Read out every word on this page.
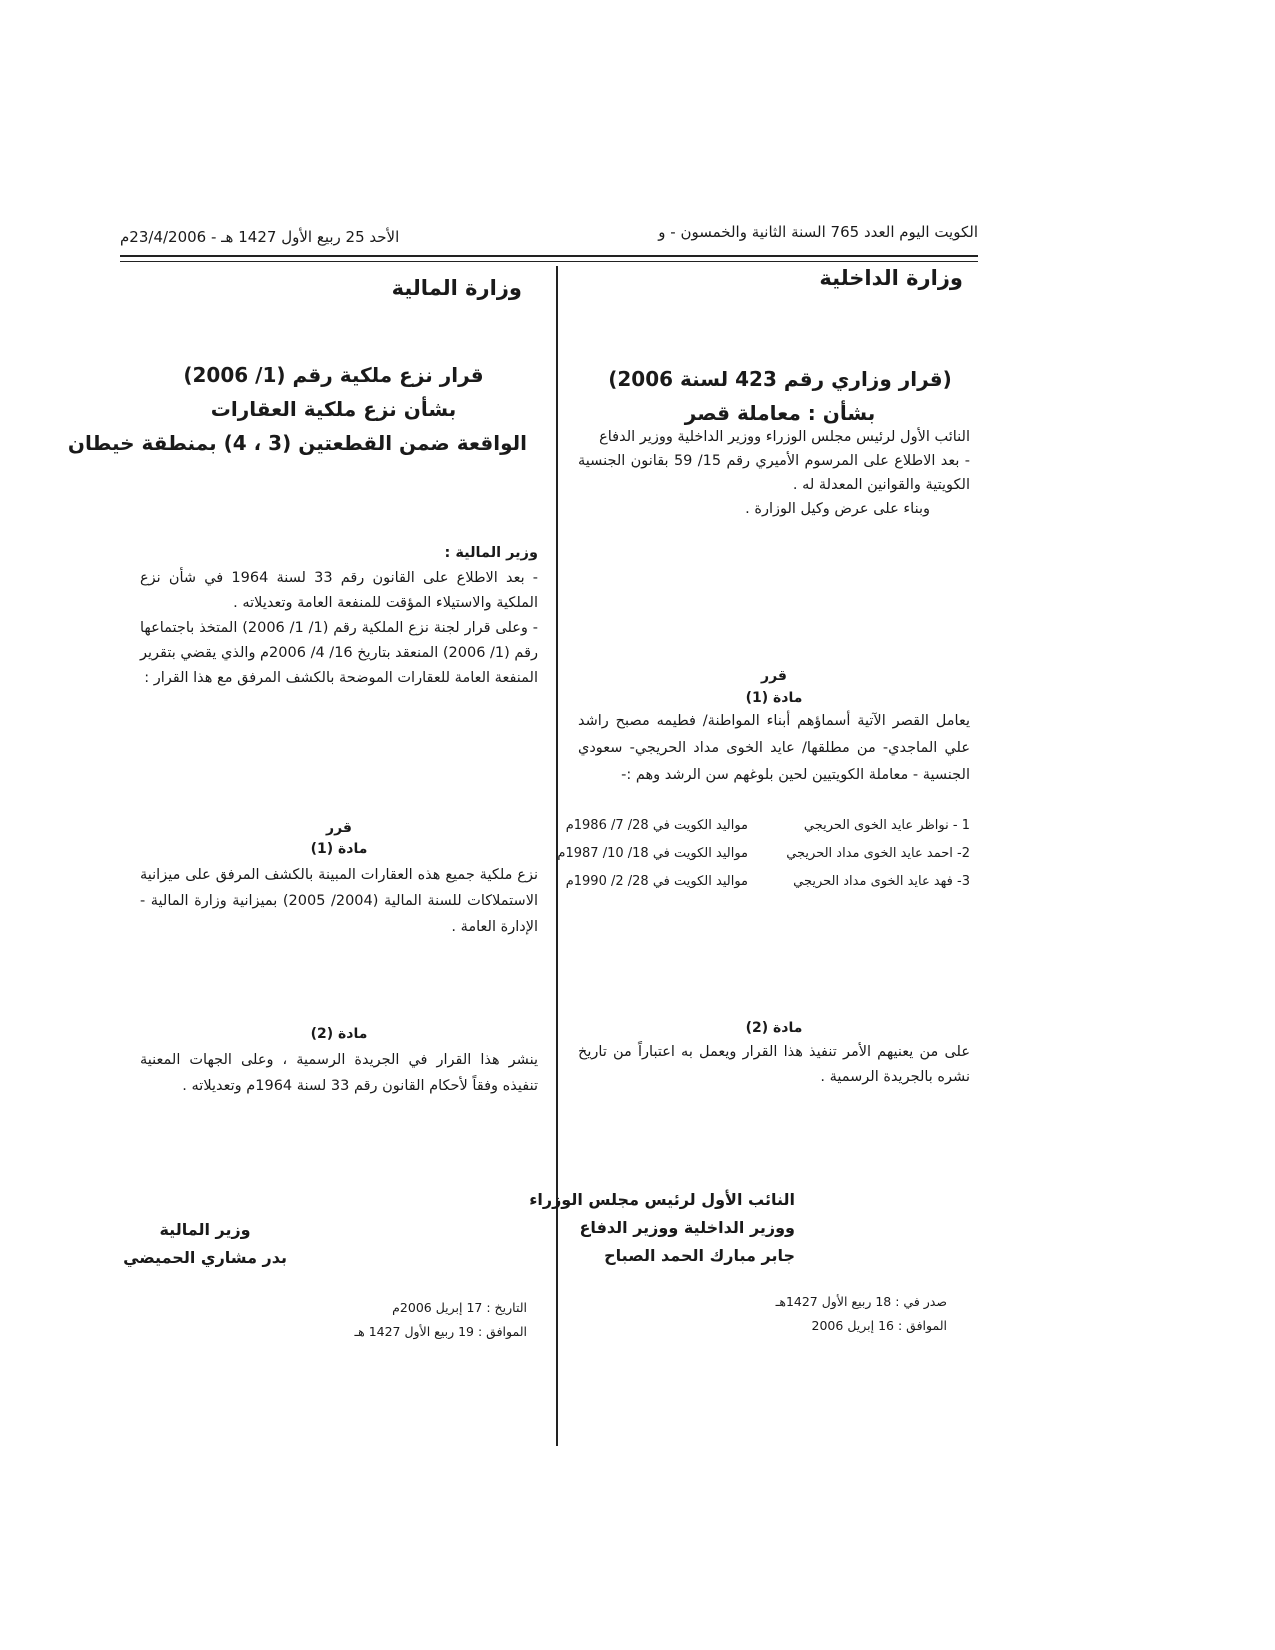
الكويت اليوم العدد 765 السنة الثانية والخمسون - و
الأحد 25 ربيع الأول 1427 هـ - 23/4/2006م
وزارة الداخلية
(قرار وزاري رقم 423 لسنة 2006)
بشأن : معاملة قصر
النائب الأول لرئيس مجلس الوزراء ووزير الداخلية ووزير الدفاع
- بعد الاطلاع على المرسوم الأميري رقم 15/ 59 بقانون الجنسية الكويتية والقوانين المعدلة له .
وبناء على عرض وكيل الوزارة .
قرر
مادة (1)
يعامل القصر الآتية أسماؤهم أبناء المواطنة/ فطيمه مصبح راشد علي الماجدي- من مطلقها/ عايد الخوى مداد الحريجي- سعودي الجنسية - معاملة الكويتيين لحين بلوغهم سن الرشد وهم :-
1 - نواظر عايد الخوى الحريجي
مواليد الكويت في 28/ 7/ 1986م
2- احمد عايد الخوى مداد الحريجي
مواليد الكويت في 18/ 10/ 1987م
3- فهد عايد الخوى مداد الحريجي
مواليد الكويت في 28/ 2/ 1990م
مادة (2)
على من يعنيهم الأمر تنفيذ هذا القرار ويعمل به اعتباراً من تاريخ نشره بالجريدة الرسمية .
النائب الأول لرئيس مجلس الوزراء
ووزير الداخلية ووزير الدفاع
جابر مبارك الحمد الصباح
صدر في : 18 ربيع الأول 1427هـ
الموافق : 16 إبريل 2006
وزارة المالية
قرار نزع ملكية رقم (1/ 2006)
بشأن نزع ملكية العقارات
الواقعة ضمن القطعتين (3 ، 4) بمنطقة خيطان
وزير المالية :
- بعد الاطلاع على القانون رقم 33 لسنة 1964 في شأن نزع الملكية والاستيلاء المؤقت للمنفعة العامة وتعديلاته .
- وعلى قرار لجنة نزع الملكية رقم (1/ 1/ 2006) المتخذ باجتماعها رقم (1/ 2006) المنعقد بتاريخ 16/ 4/ 2006م والذي يقضي بتقرير المنفعة العامة للعقارات الموضحة بالكشف المرفق مع هذا القرار :
قرر
مادة (1)
نزع ملكية جميع هذه العقارات المبينة بالكشف المرفق على ميزانية الاستملاكات للسنة المالية (2004/ 2005) بميزانية وزارة المالية - الإدارة العامة .
مادة (2)
ينشر هذا القرار في الجريدة الرسمية ، وعلى الجهات المعنية تنفيذه وفقاً لأحكام القانون رقم 33 لسنة 1964م وتعديلاته .
وزير المالية
بدر مشاري الحميضي
التاريخ : 17 إبريل 2006م
الموافق : 19 ربيع الأول 1427 هـ
